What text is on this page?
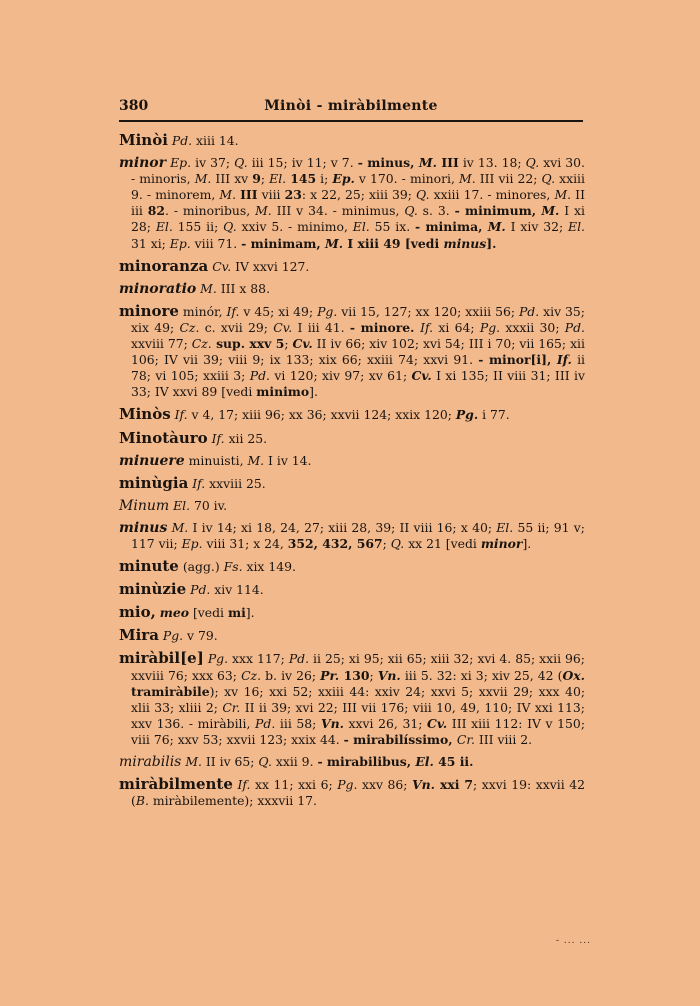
380	Minòi - miràbilmente
Minòi Pd. xiii 14.
minor Ep. iv 37; Q. iii 15; iv 11; v 7. - minus, M. III iv 13. 18; Q. xvi 30. - minoris, M. III xv 9; El. 145 i; Ep. v 170. - minori, M. III vii 22; Q. xxiii 9. - minorem, M. III viii 23: x 22, 25; xiii 39; Q. xxiii 17. - minores, M. II iii 82. - minoribus, M. III v 34. - minimus, Q. s. 3. - minimum, M. I xi 28; El. 155 ii; Q. xxiv 5. - minimo, El. 55 ix. - minima, M. I xiv 32; El. 31 xi; Ep. viii 71. - minimam, M. I xiii 49 [vedi minus].
minoranza Cv. IV xxvi 127.
minoratio M. III x 88.
minore minór, If. v 45; xi 49; Pg. vii 15, 127; xx 120; xxiii 56; Pd. xiv 35; xix 49; Cz. c. xvii 29; Cv. I iii 41. - minore. If. xi 64; Pg. xxxii 30; Pd. xxviii 77; Cz. sup. xxv 5; Cv. II iv 66; xiv 102; xvi 54; III i 70; vii 165; xii 106; IV vii 39; viii 9; ix 133; xix 66; xxiii 74; xxvi 91. - minor[i], If. ii 78; vi 105; xxiii 3; Pd. vi 120; xiv 97; xv 61; Cv. I xi 135; II viii 31; III iv 33; IV xxvi 89 [vedi minimo].
Minòs If. v 4, 17; xiii 96; xx 36; xxvii 124; xxix 120; Pg. i 77.
Minotàuro If. xii 25.
minuere minuisti, M. I iv 14.
minùgia If. xxviii 25.
Minum El. 70 iv.
minus M. I iv 14; xi 18, 24, 27; xiii 28, 39; II viii 16; x 40; El. 55 ii; 91 v; 117 vii; Ep. viii 31; x 24, 352, 432, 567; Q. xx 21 [vedi minor].
minute (agg.) Fs. xix 149.
minùzie Pd. xiv 114.
mio, meo [vedi mi].
Mira Pg. v 79.
miràbil[e] Pg. xxx 117; Pd. ii 25; xi 95; xii 65; xiii 32; xvi 4. 85; xxii 96; xxviii 76; xxx 63; Cz. b. iv 26; Pr. 130; Vn. iii 5. 32: xi 3; xiv 25, 42 (Ox. tramiràbile); xv 16; xxi 52; xxiii 44: xxiv 24; xxvi 5; xxvii 29; xxx 40; xlii 33; xliii 2; Cr. II ii 39; xvi 22; III vii 176; viii 10, 49, 110; IV xxi 113; xxv 136. - miràbili, Pd. iii 58; Vn. xxvi 26, 31; Cv. III xiii 112: IV v 150; viii 76; xxv 53; xxvii 123; xxix 44. - mirabilíssimo, Cr. III viii 2.
mirabilis M. II iv 65; Q. xxii 9. - mirabilibus, El. 45 ii.
miràbilmente If. xx 11; xxi 6; Pg. xxv 86; Vn. xxi 7; xxvi 19: xxvii 42 (B. miràbilemente); xxxvii 17.
- ... ...
